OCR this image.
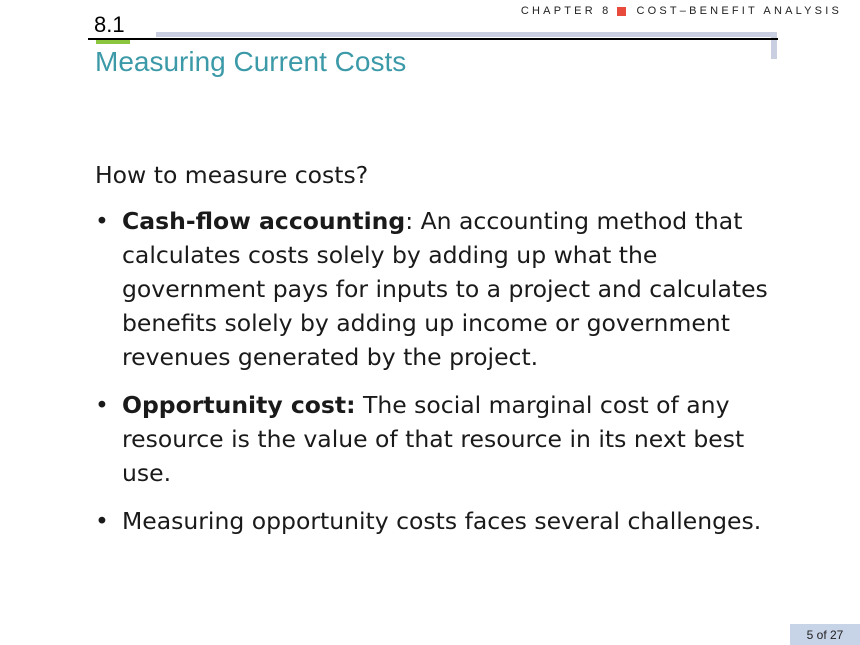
CHAPTER 8 COST–BENEFIT ANALYSIS
8.1
Measuring Current Costs

How to measure costs?

• Cash-flow accounting: An accounting method that calculates costs solely by adding up what the government pays for inputs to a project and calculates benefits solely by adding up income or government revenues generated by the project.
• Opportunity cost: The social marginal cost of any resource is the value of that resource in its next best use.
• Measuring opportunity costs faces several challenges.
5 of 27
